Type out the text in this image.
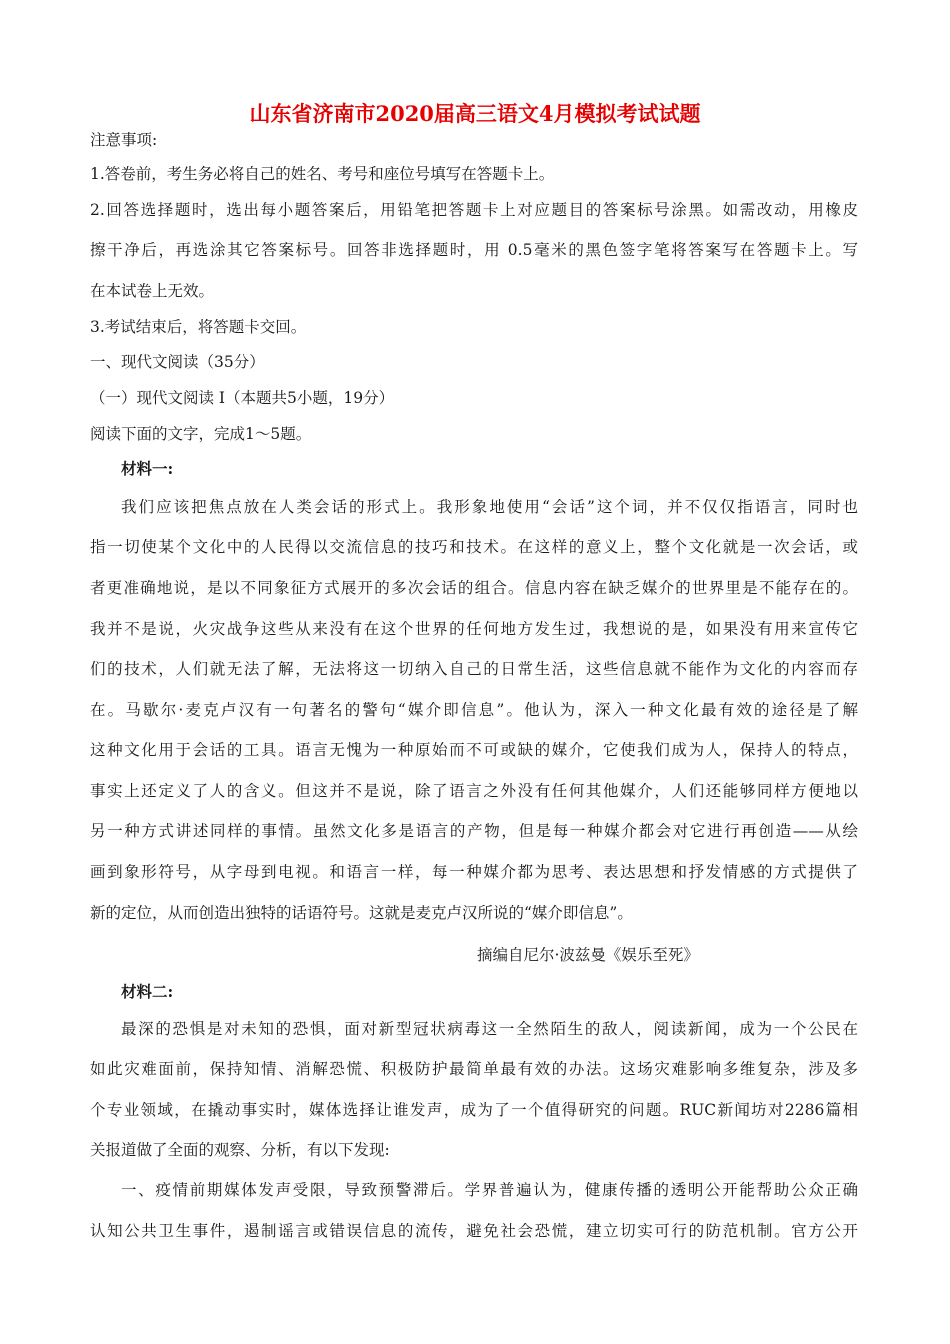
山东省济南市2020届高三语文4月模拟考试试题
注意事项:
1.答卷前，考生务必将自己的姓名、考号和座位号填写在答题卡上。
2.回答选择题时，选出每小题答案后，用铅笔把答题卡上对应题目的答案标号涂黑。如需改动，用橡皮
擦干净后，再选涂其它答案标号。回答非选择题时，用 0.5毫米的黑色签字笔将答案写在答题卡上。写
在本试卷上无效。
3.考试结束后，将答题卡交回。
一、现代文阅读（35分）
（一）现代文阅读 I（本题共5小题，19分）
阅读下面的文字，完成1～5题。
材料一:
我们应该把焦点放在人类会话的形式上。我形象地使用“会话”这个词，并不仅仅指语言，同时也
指一切使某个文化中的人民得以交流信息的技巧和技术。在这样的意义上，整个文化就是一次会话，或
者更准确地说，是以不同象征方式展开的多次会话的组合。信息内容在缺乏媒介的世界里是不能存在的。
我并不是说，火灾战争这些从来没有在这个世界的任何地方发生过，我想说的是，如果没有用来宣传它
们的技术，人们就无法了解，无法将这一切纳入自己的日常生活，这些信息就不能作为文化的内容而存
在。马歇尔·麦克卢汉有一句著名的警句“媒介即信息”。他认为，深入一种文化最有效的途径是了解
这种文化用于会话的工具。语言无愧为一种原始而不可或缺的媒介，它使我们成为人，保持人的特点，
事实上还定义了人的含义。但这并不是说，除了语言之外没有任何其他媒介，人们还能够同样方便地以
另一种方式讲述同样的事情。虽然文化多是语言的产物，但是每一种媒介都会对它进行再创造——从绘
画到象形符号，从字母到电视。和语言一样，每一种媒介都为思考、表达思想和抒发情感的方式提供了
新的定位，从而创造出独特的话语符号。这就是麦克卢汉所说的“媒介即信息”。
摘编自尼尔·波兹曼《娱乐至死》
材料二:
最深的恐惧是对未知的恐惧，面对新型冠状病毒这一全然陌生的敌人，阅读新闻，成为一个公民在
如此灾难面前，保持知情、消解恐慌、积极防护最简单最有效的办法。这场灾难影响多维复杂，涉及多
个专业领域，在撬动事实时，媒体选择让谁发声，成为了一个值得研究的问题。RUC新闻坊对2286篇相
关报道做了全面的观察、分析，有以下发现:
一、疫情前期媒体发声受限，导致预警滞后。学界普遍认为，健康传播的透明公开能帮助公众正确
认知公共卫生事件，遏制谣言或错误信息的流传，避免社会恐慌，建立切实可行的防范机制。官方公开
